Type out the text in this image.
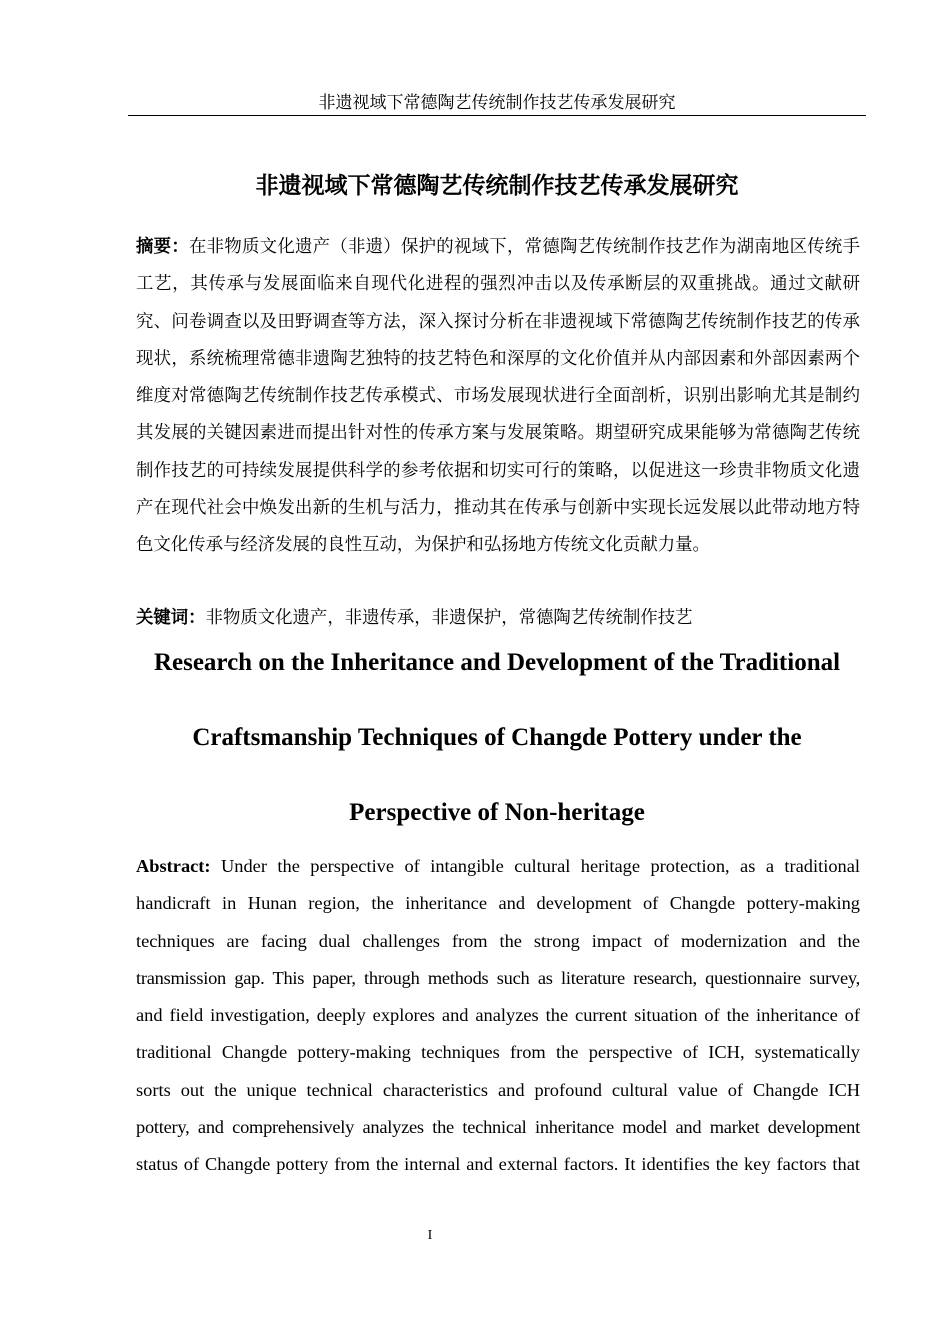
非遗视域下常德陶艺传统制作技艺传承发展研究
非遗视域下常德陶艺传统制作技艺传承发展研究

摘要：在非物质文化遗产（非遗）保护的视域下，常德陶艺传统制作技艺作为湖南地区传统手工艺，其传承与发展面临来自现代化进程的强烈冲击以及传承断层的双重挑战。通过文献研究、问卷调查以及田野调查等方法，深入探讨分析在非遗视域下常德陶艺传统制作技艺的传承现状，系统梳理常德非遗陶艺独特的技艺特色和深厚的文化价值并从内部因素和外部因素两个维度对常德陶艺传统制作技艺传承模式、市场发展现状进行全面剖析，识别出影响尤其是制约其发展的关键因素进而提出针对性的传承方案与发展策略。期望研究成果能够为常德陶艺传统制作技艺的可持续发展提供科学的参考依据和切实可行的策略，以促进这一珍贵非物质文化遗产在现代社会中焕发出新的生机与活力，推动其在传承与创新中实现长远发展以此带动地方特色文化传承与经济发展的良性互动，为保护和弘扬地方传统文化贡献力量。

关键词：非物质文化遗产，非遗传承，非遗保护，常德陶艺传统制作技艺

Research on the Inheritance and Development of the Traditional
Craftsmanship Techniques of Changde Pottery under the
Perspective of Non-heritage

Abstract: Under the perspective of intangible cultural heritage protection, as a traditional
handicraft in Hunan region, the inheritance and development of Changde pottery-making
techniques are facing dual challenges from the strong impact of modernization and the
transmission gap. This paper, through methods such as literature research, questionnaire survey,
and field investigation, deeply explores and analyzes the current situation of the inheritance of
traditional Changde pottery-making techniques from the perspective of ICH, systematically
sorts out the unique technical characteristics and profound cultural value of Changde ICH
pottery, and comprehensively analyzes the technical inheritance model and market development
status of Changde pottery from the internal and external factors. It identifies the key factors that

I
